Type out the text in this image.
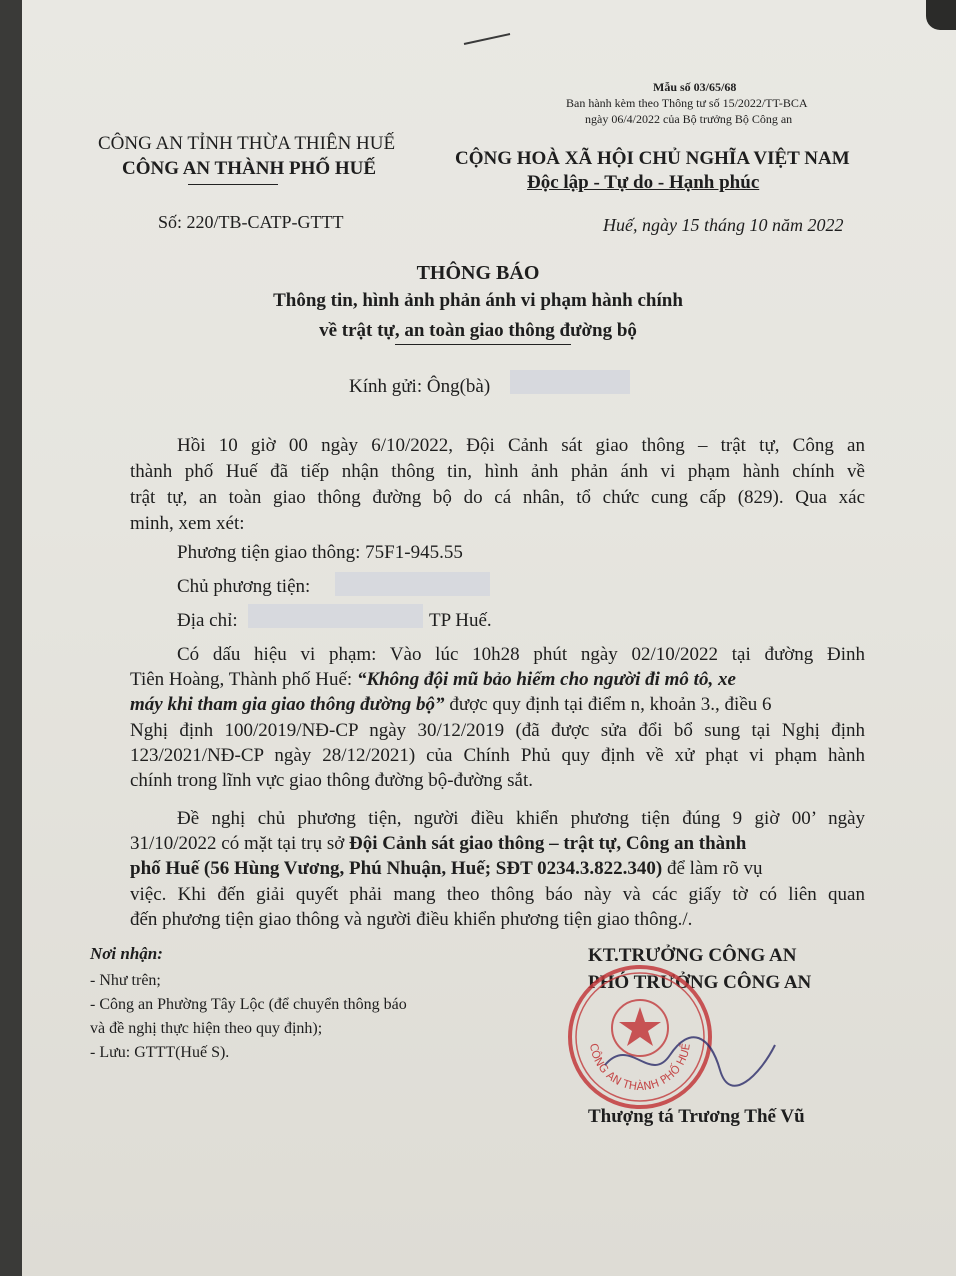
Mẫu số 03/65/68
Ban hành kèm theo Thông tư số 15/2022/TT-BCA
ngày 06/4/2022 của Bộ trưởng Bộ Công an
CÔNG AN TỈNH THỪA THIÊN HUẾ
CÔNG AN THÀNH PHỐ HUẾ	CỘNG HOÀ XÃ HỘI CHỦ NGHĨA VIỆT NAM
Độc lập - Tự do - Hạnh phúc
Số: 220/TB-CATP-GTTT	Huế, ngày 15 tháng 10 năm 2022
THÔNG BÁO
Thông tin, hình ảnh phản ánh vi phạm hành chính
về trật tự, an toàn giao thông đường bộ
Kính gửi: Ông(bà)
Hồi 10 giờ 00 ngày 6/10/2022, Đội Cảnh sát giao thông – trật tự, Công an
thành phố Huế đã tiếp nhận thông tin, hình ảnh phản ánh vi phạm hành chính về
trật tự, an toàn giao thông đường bộ do cá nhân, tổ chức cung cấp (829). Qua xác
minh, xem xét:
Phương tiện giao thông: 75F1-945.55
Chủ phương tiện:
Địa chỉ:	TP Huế.
Có dấu hiệu vi phạm: Vào lúc 10h28 phút ngày 02/10/2022 tại đường Đinh
Tiên Hoàng, Thành phố Huế: “Không đội mũ bảo hiểm cho người đi mô tô, xe
máy khi tham gia giao thông đường bộ” được quy định tại điểm n, khoản 3., điều 6
Nghị định 100/2019/NĐ-CP ngày 30/12/2019 (đã được sửa đổi bổ sung tại Nghị định
123/2021/NĐ-CP ngày 28/12/2021) của Chính Phủ quy định về xử phạt vi phạm hành
chính trong lĩnh vực giao thông đường bộ-đường sắt.
Đề nghị chủ phương tiện, người điều khiển phương tiện đúng 9 giờ 00’ ngày
31/10/2022 có mặt tại trụ sở Đội Cảnh sát giao thông – trật tự, Công an thành
phố Huế (56 Hùng Vương, Phú Nhuận, Huế; SĐT 0234.3.822.340) để làm rõ vụ
việc. Khi đến giải quyết phải mang theo thông báo này và các giấy tờ có liên quan
đến phương tiện giao thông và người điều khiển phương tiện giao thông./.
Nơi nhận:
- Như trên;
- Công an Phường Tây Lộc (để chuyển thông báo
và đề nghị thực hiện theo quy định);
- Lưu: GTTT(Huế S).
KT.TRƯỞNG CÔNG AN
PHÓ TRƯỞNG CÔNG AN
CÔNG AN THÀNH PHỐ HUẾ
Thượng tá Trương Thế Vũ
